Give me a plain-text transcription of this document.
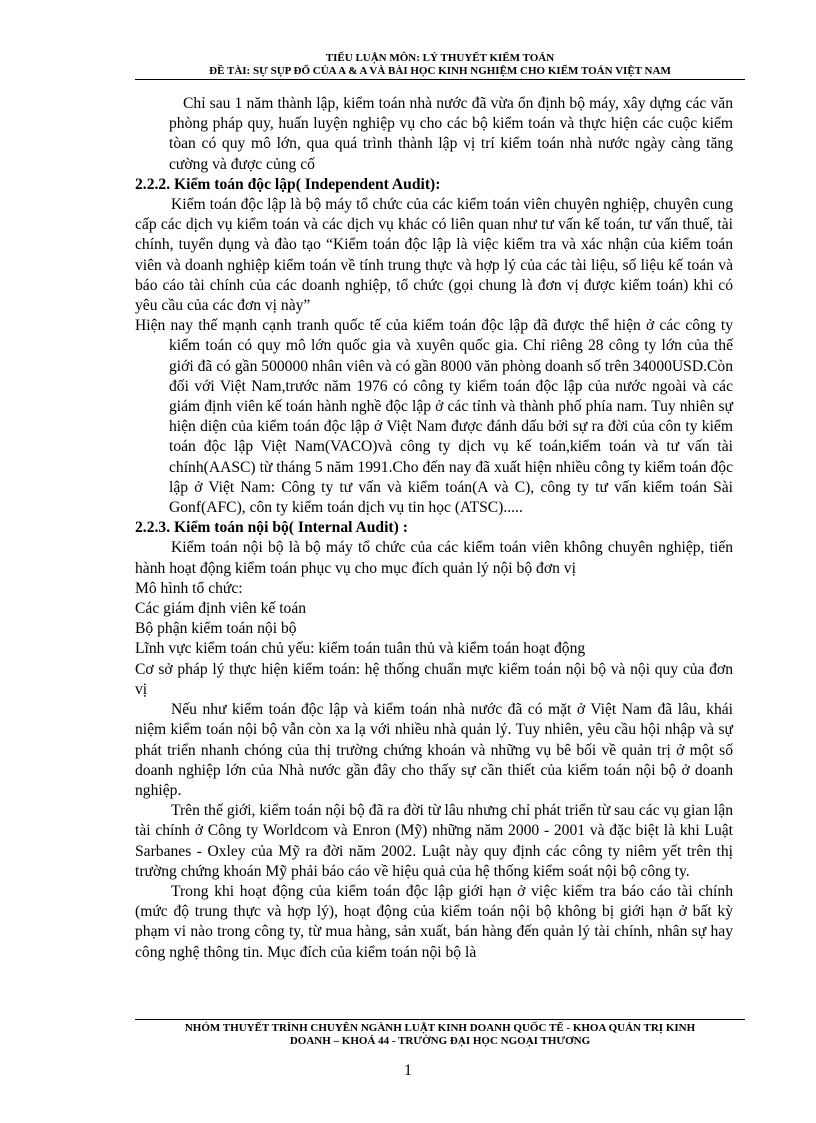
TIỂU LUẬN MÔN: LÝ THUYẾT KIỂM TOÁN
ĐỀ TÀI: SỰ SỤP ĐỔ CỦA A & A VÀ BÀI HỌC KINH NGHIỆM CHO KIỂM TOÁN VIỆT NAM

Chỉ sau 1 năm thành lập, kiểm toán nhà nước đã vừa ổn định bộ máy, xây dựng các văn phòng pháp quy, huấn luyện nghiệp vụ cho các bộ kiểm toán và thực hiện các cuộc kiểm tòan có quy mô lớn, qua quá trình thành lập vị trí kiểm toán nhà nước ngày càng tăng cường và được củng cố

2.2.2. Kiểm toán độc lập( Independent Audit):

Kiểm toán độc lập là bộ máy tổ chức của các kiểm toán viên chuyên nghiệp, chuyên cung cấp các dịch vụ kiểm toán và các dịch vụ khác có liên quan như tư vấn kế toán, tư vấn thuế, tài chính, tuyển dụng và đào tạo “Kiểm toán độc lập là việc kiểm tra và xác nhận của kiểm toán viên và doanh nghiệp kiểm toán về tính trung thực và hợp lý của các tài liệu, số liệu kế toán và báo cáo tài chính của các doanh nghiệp, tổ chức (gọi chung là đơn vị được kiểm toán) khi có yêu cầu của các đơn vị này”

Hiện nay thế mạnh cạnh tranh quốc tế của kiểm toán độc lập đã được thể hiện ở các công ty kiểm toán có quy mô lớn quốc gia và xuyên quốc gia. Chỉ riêng 28 công ty lớn của thế giới đã có gần 500000 nhân viên và có gần 8000 văn phòng doanh số trên 34000USD.Còn đối với Việt Nam,trước năm 1976 có công ty kiểm toán độc lập của nước ngoài và các giám định viên kế toán hành nghề độc lập ở các tỉnh và thành phố phía nam. Tuy nhiên sự hiện diện của kiểm toán độc lập ở Việt Nam được đánh dấu bởi sự ra đời của côn ty kiểm toán độc lập Việt Nam(VACO)và công ty dịch vụ kế toán,kiểm toán và tư vấn tài chính(AASC) từ tháng 5 năm 1991.Cho đến nay đã xuất hiện nhiều công ty kiểm toán độc lập ở Việt Nam: Công ty tư vấn và kiểm toán(A và C), công ty tư vấn kiểm toán Sài Gonf(AFC), côn ty kiểm toán dịch vụ tin học (ATSC).....

2.2.3. Kiểm toán nội bộ( Internal Audit) :

Kiểm toán nội bộ là bộ máy tổ chức của các kiểm toán viên không chuyên nghiệp, tiến hành hoạt động kiểm toán phục vụ cho mục đích quản lý nội bộ đơn vị

Mô hình tổ chức:

Các giám định viên kế toán

Bộ phận kiểm toán nội bộ

Lĩnh vực kiểm toán chủ yếu: kiểm toán tuân thủ và kiểm toán hoạt động

Cơ sở pháp lý thực hiện kiểm toán: hệ thống chuẩn mực kiểm toán nội bộ và nội quy của đơn vị

Nếu như kiểm toán độc lập và kiểm toán nhà nước đã có mặt ở Việt Nam đã lâu, khái niệm kiểm toán nội bộ vẫn còn xa lạ với nhiều nhà quản lý. Tuy nhiên, yêu cầu hội nhập và sự phát triển nhanh chóng của thị trường chứng khoán và những vụ bê bối về quản trị ở một số doanh nghiệp lớn của Nhà nước gần đây cho thấy sự cần thiết của kiểm toán nội bộ ở doanh nghiệp.

Trên thế giới, kiểm toán nội bộ đã ra đời từ lâu nhưng chỉ phát triển từ sau các vụ gian lận tài chính ở Công ty Worldcom và Enron (Mỹ) những năm 2000 - 2001 và đặc biệt là khi Luật Sarbanes - Oxley của Mỹ ra đời năm 2002. Luật này quy định các công ty niêm yết trên thị trường chứng khoán Mỹ phải báo cáo về hiệu quả của hệ thống kiểm soát nội bộ công ty.

Trong khi hoạt động của kiểm toán độc lập giới hạn ở việc kiểm tra báo cáo tài chính (mức độ trung thực và hợp lý), hoạt động của kiểm toán nội bộ không bị giới hạn ở bất kỳ phạm vi nào trong công ty, từ mua hàng, sản xuất, bán hàng đến quản lý tài chính, nhân sự hay công nghệ thông tin. Mục đích của kiểm toán nội bộ là

NHÓM THUYẾT TRÌNH CHUYÊN NGÀNH LUẬT KINH DOANH QUỐC TẾ - KHOA QUẢN TRỊ KINH
DOANH – KHOÁ 44 - TRƯỜNG ĐẠI HỌC NGOẠI THƯƠNG
1
